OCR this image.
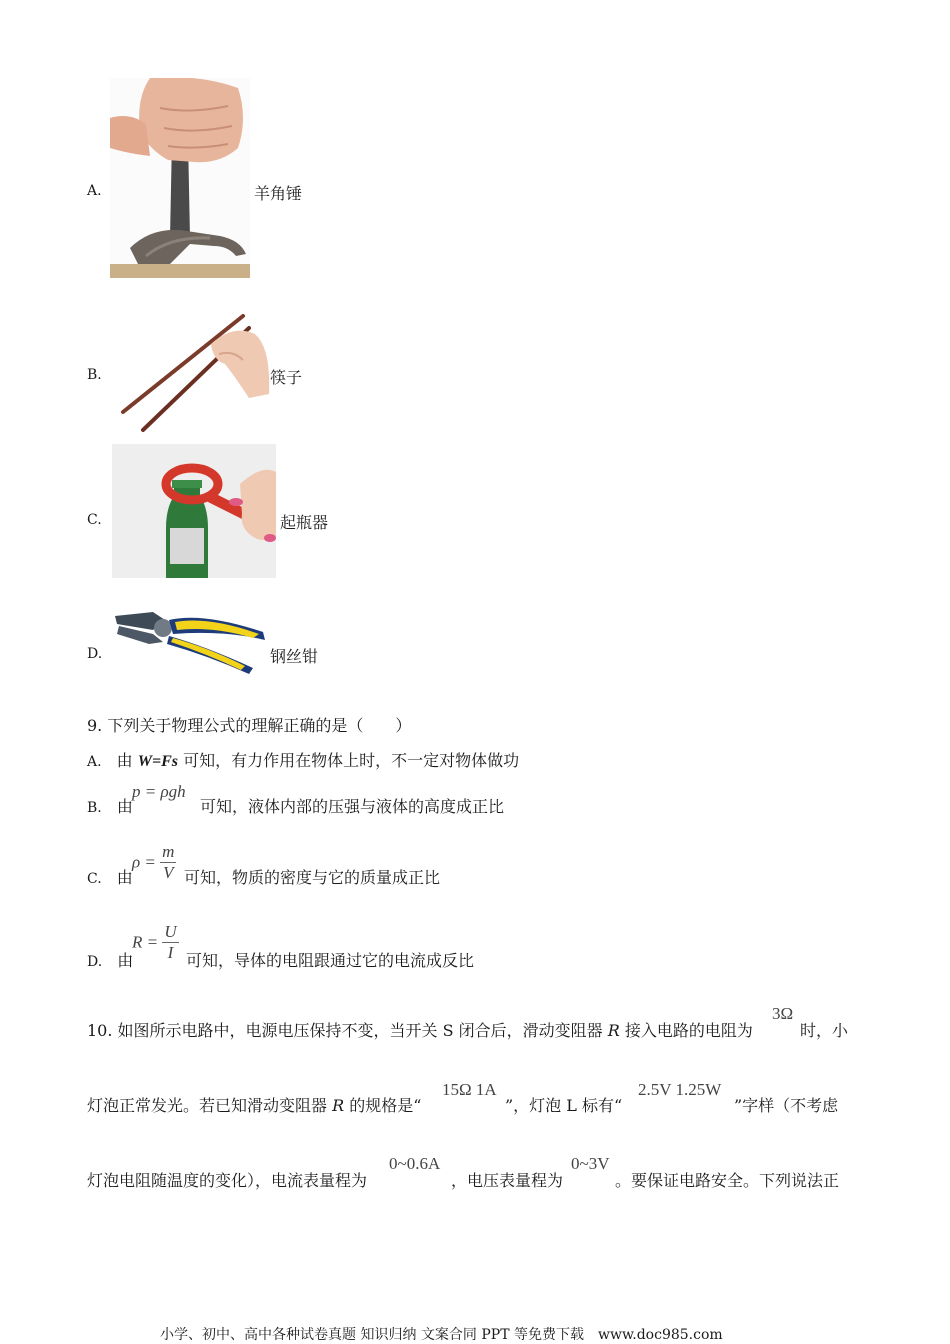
A.	羊角锤
B.	筷子
C.	起瓶器
D.	钢丝钳
9. 下列关于物理公式的理解正确的是（　　）
A. 由 W=Fs 可知，有力作用在物体上时，不一定对物体做功
B. 由
p = ρgh
可知，液体内部的压强与液体的高度成正比
C. 由
$\rho = \frac{m}{V}$ 可知，物质的密度与它的质量成正比
D. 由
$R = \frac{U}{I}$ 可知，导体的电阻跟通过它的电流成反比
10. 如图所示电路中，电源电压保持不变，当开关 S 闭合后，滑动变阻器 R 接入电路的电阻为
3Ω
时，小
灯泡正常发光。若已知滑动变阻器 R 的规格是“
15Ω 1A
”，灯泡 L 标有“
2.5V 1.25W
”字样（不考虑
灯泡电阻随温度的变化），电流表量程为
0~0.6A
，电压表量程为
0~3V
。要保证电路安全。下列说法正
小学、初中、高中各种试卷真题 知识归纳 文案合同 PPT 等免费下载　www.doc985.com
